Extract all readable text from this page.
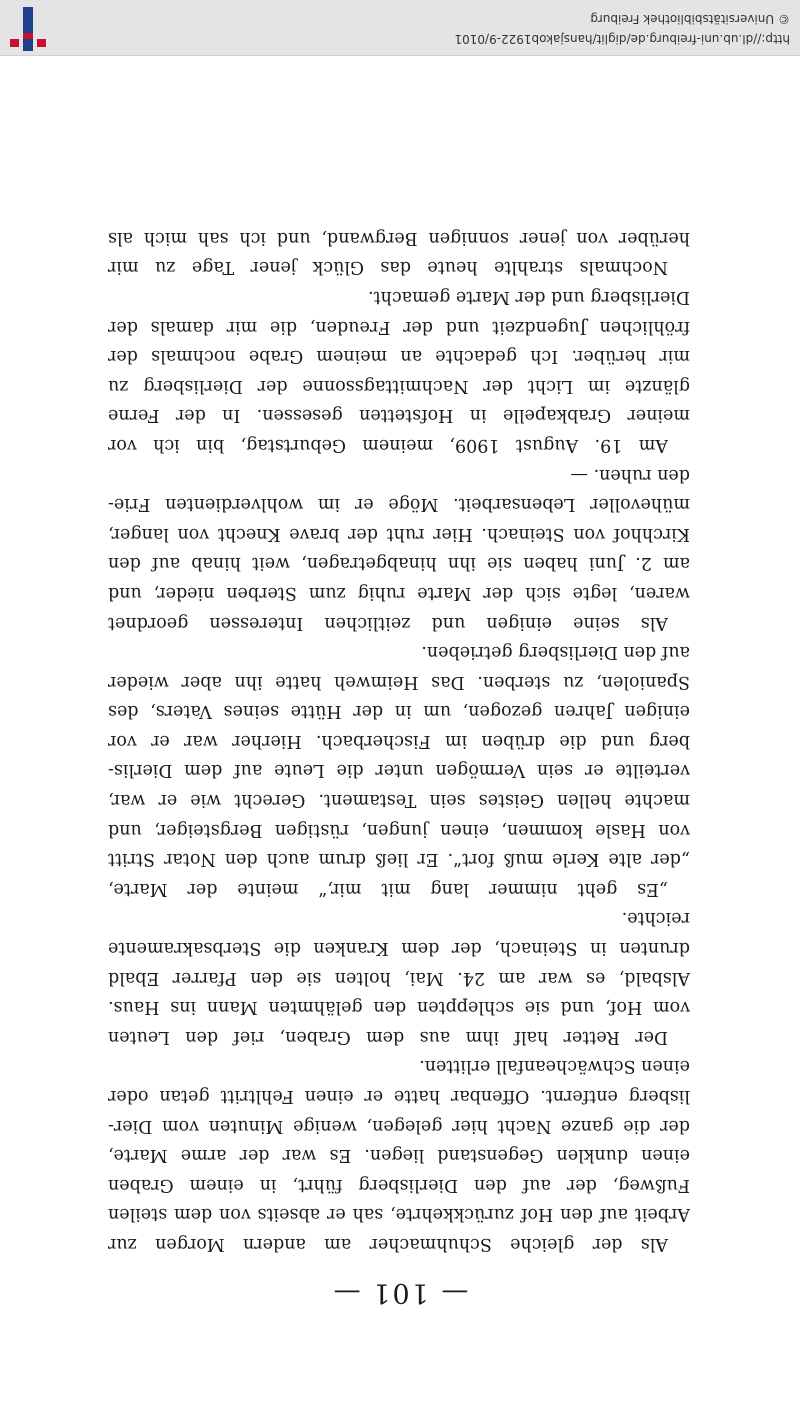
— 101 —
Als der gleiche Schuhmacher am andern Morgen zur
Arbeit auf den Hof zurückkehrte, sah er abseits von dem steilen
Fußweg, der auf den Dierlisberg führt, in einem Graben
einen dunklen Gegenstand liegen. Es war der arme Marte,
der die ganze Nacht hier gelegen, wenige Minuten vom Dier-
lisberg entfernt. Offenbar hatte er einen Fehltritt getan oder
einen Schwächeanfall erlitten.
Der Retter half ihm aus dem Graben, rief den Leuten
vom Hof, und sie schleppten den gelähmten Mann ins Haus.
Alsbald, es war am 24. Mai, holten sie den Pfarrer Ebald
drunten in Steinach, der dem Kranken die Sterbsakramente
reichte.
„Es geht nimmer lang mit mir,“ meinte der Marte,
„der alte Kerle muß fort“. Er ließ drum auch den Notar Stritt
von Hasle kommen, einen jungen, rüstigen Bergsteiger, und
machte hellen Geistes sein Testament. Gerecht wie er war,
verteilte er sein Vermögen unter die Leute auf dem Dierlis-
berg und die drüben im Fischerbach. Hierher war er vor
einigen Jahren gezogen, um in der Hütte seines Vaters, des
Spaniolen, zu sterben. Das Heimweh hatte ihn aber wieder
auf den Dierlisberg getrieben.
Als seine einigen und zeitlichen Interessen geordnet
waren, legte sich der Marte ruhig zum Sterben nieder, und
am 2. Juni haben sie ihn hinabgetragen, weit hinab auf den
Kirchhof von Steinach. Hier ruht der brave Knecht von langer,
mühevoller Lebensarbeit. Möge er im wohlverdienten Frie-
den ruhen. —
Am 19. August 1909, meinem Geburtstag, bin ich vor
meiner Grabkapelle in Hofstetten gesessen. In der Ferne
glänzte im Licht der Nachmittagssonne der Dierlisberg zu
mir herüber. Ich gedachte an meinem Grabe nochmals der
fröhlichen Jugendzeit und der Freuden, die mir damals der
Dierlisberg und der Marte gemacht.
Nochmals strahlte heute das Glück jener Tage zu mir
herüber von jener sonnigen Bergwand, und ich sah mich als
http://dl.ub.uni-freiburg.de/diglit/hansjakob1922-9/0101
© Universitätsbibliothek Freiburg
